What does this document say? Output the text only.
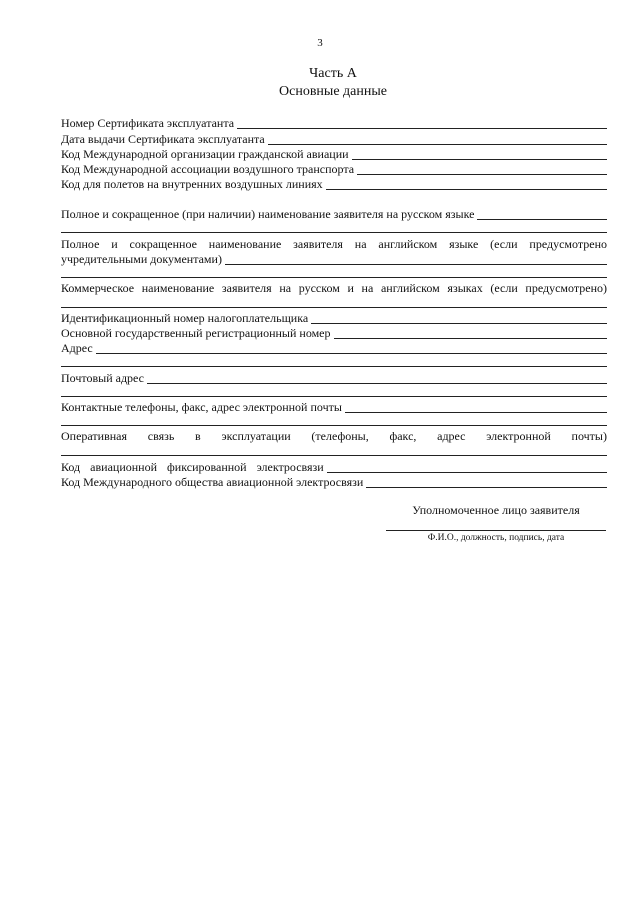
3
Часть А
Основные данные
Номер Сертификата эксплуатанта
Дата выдачи Сертификата эксплуатанта
Код Международной организации гражданской авиации
Код Международной ассоциации воздушного транспорта
Код для полетов на внутренних воздушных линиях
Полное и сокращенное (при наличии) наименование заявителя на русском языке
Полное и сокращенное наименование заявителя на английском языке (если предусмотрено
учредительными документами)
Коммерческое наименование заявителя на русском и на английском языках (если предусмотрено)
Идентификационный номер налогоплательщика
Основной государственный регистрационный номер
Адрес
Почтовый адрес
Контактные телефоны, факс, адрес электронной почты
Оперативная связь в эксплуатации (телефоны, факс, адрес электронной почты)
Код авиационной фиксированной электросвязи
Код Международного общества авиационной электросвязи
Уполномоченное лицо заявителя
Ф.И.О., должность, подпись, дата
